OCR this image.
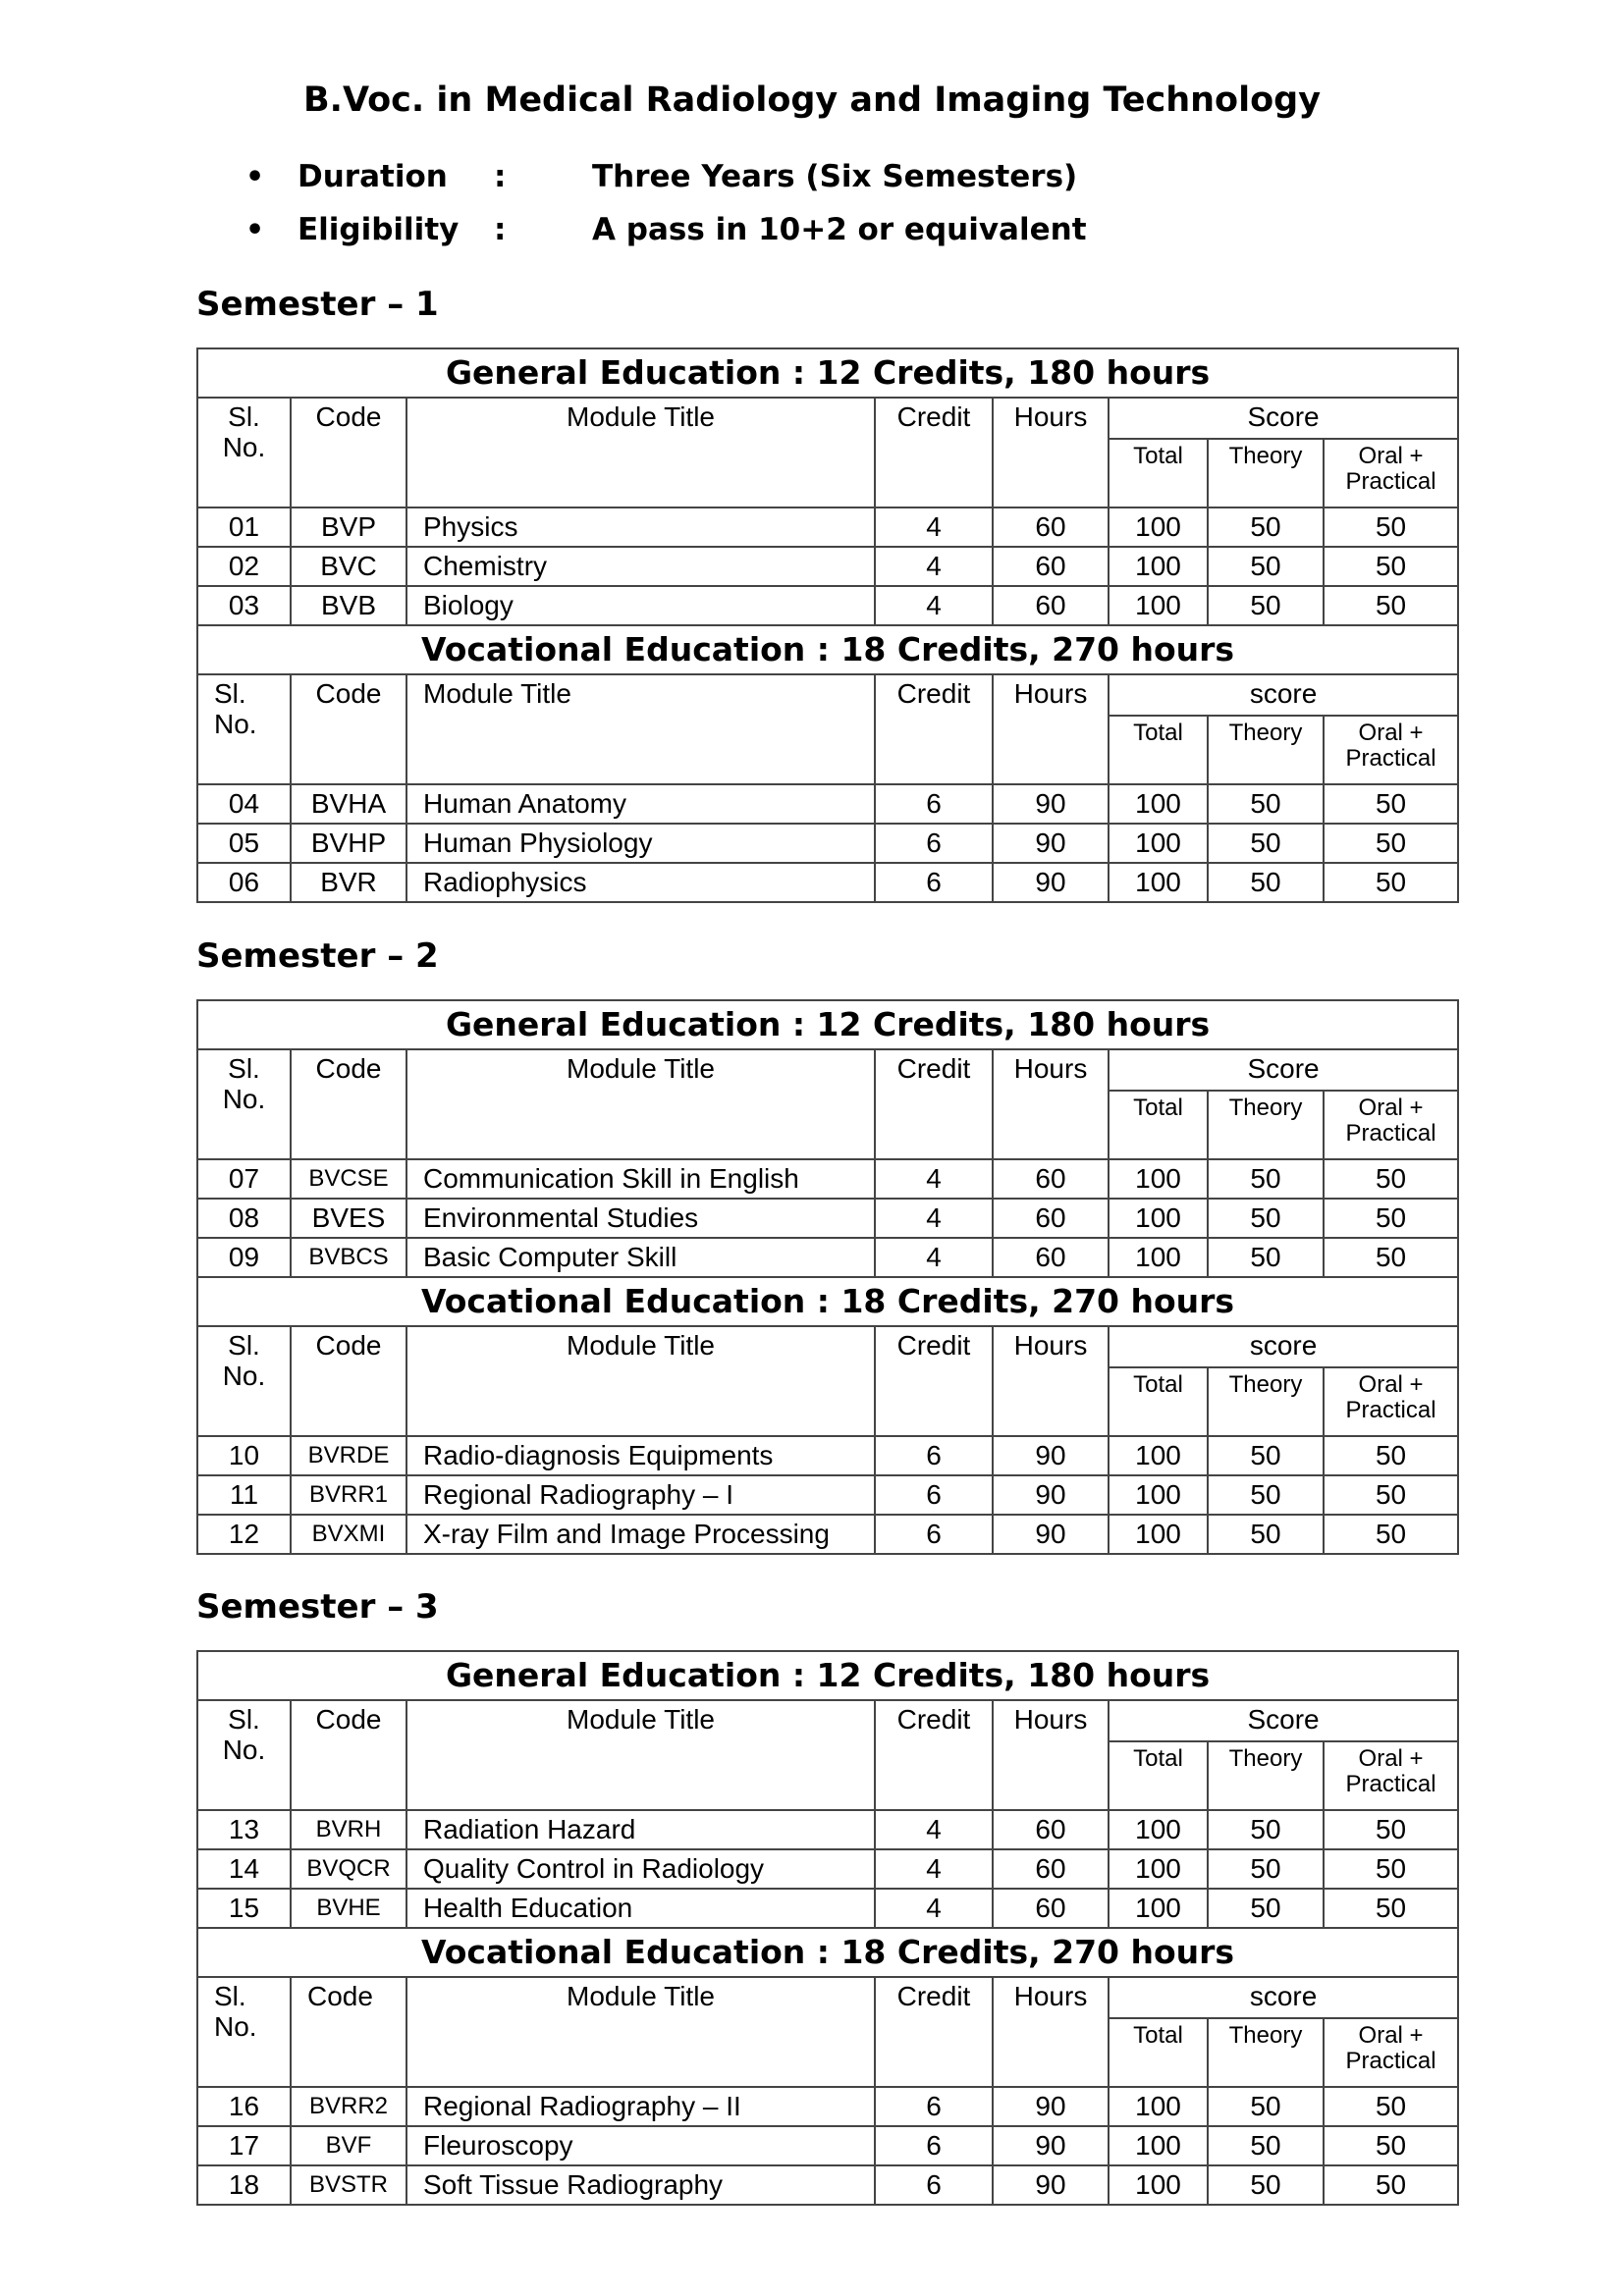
B.Voc. in Medical Radiology and Imaging Technology
•	Duration	:	Three Years (Six Semesters)
•	Eligibility	:	A pass in 10+2 or equivalent
Semester – 1
General Education : 12 Credits, 180 hours							
Sl.
No.	Code	Module Title	Credit	Hours	Score		
					Total	Theory	Oral +
Practical
01	BVP	Physics	4	60	100	50	50
02	BVC	Chemistry	4	60	100	50	50
03	BVB	Biology	4	60	100	50	50
Vocational Education : 18 Credits, 270 hours							
Sl.
No.	Code	Module Title	Credit	Hours	score		
					Total	Theory	Oral +
Practical
04	BVHA	Human Anatomy	6	90	100	50	50
05	BVHP	Human Physiology	6	90	100	50	50
06	BVR	Radiophysics	6	90	100	50	50
Semester – 2
General Education : 12 Credits, 180 hours							
Sl.
No.	Code	Module Title	Credit	Hours	Score		
					Total	Theory	Oral +
Practical
07	BVCSE	Communication Skill in English	4	60	100	50	50
08	BVES	Environmental Studies	4	60	100	50	50
09	BVBCS	Basic Computer Skill	4	60	100	50	50
Vocational Education : 18 Credits, 270 hours							
Sl.
No.	Code	Module Title	Credit	Hours	score		
					Total	Theory	Oral +
Practical
10	BVRDE	Radio-diagnosis Equipments	6	90	100	50	50
11	BVRR1	Regional Radiography – I	6	90	100	50	50
12	BVXMI	X-ray Film and Image Processing	6	90	100	50	50
Semester – 3
General Education : 12 Credits, 180 hours							
Sl.
No.	Code	Module Title	Credit	Hours	Score		
					Total	Theory	Oral +
Practical
13	BVRH	Radiation Hazard	4	60	100	50	50
14	BVQCR	Quality Control in Radiology	4	60	100	50	50
15	BVHE	Health Education	4	60	100	50	50
Vocational Education : 18 Credits, 270 hours							
Sl.
No.	Code	Module Title	Credit	Hours	score		
					Total	Theory	Oral +
Practical
16	BVRR2	Regional Radiography – II	6	90	100	50	50
17	BVF	Fleuroscopy	6	90	100	50	50
18	BVSTR	Soft Tissue Radiography	6	90	100	50	50
